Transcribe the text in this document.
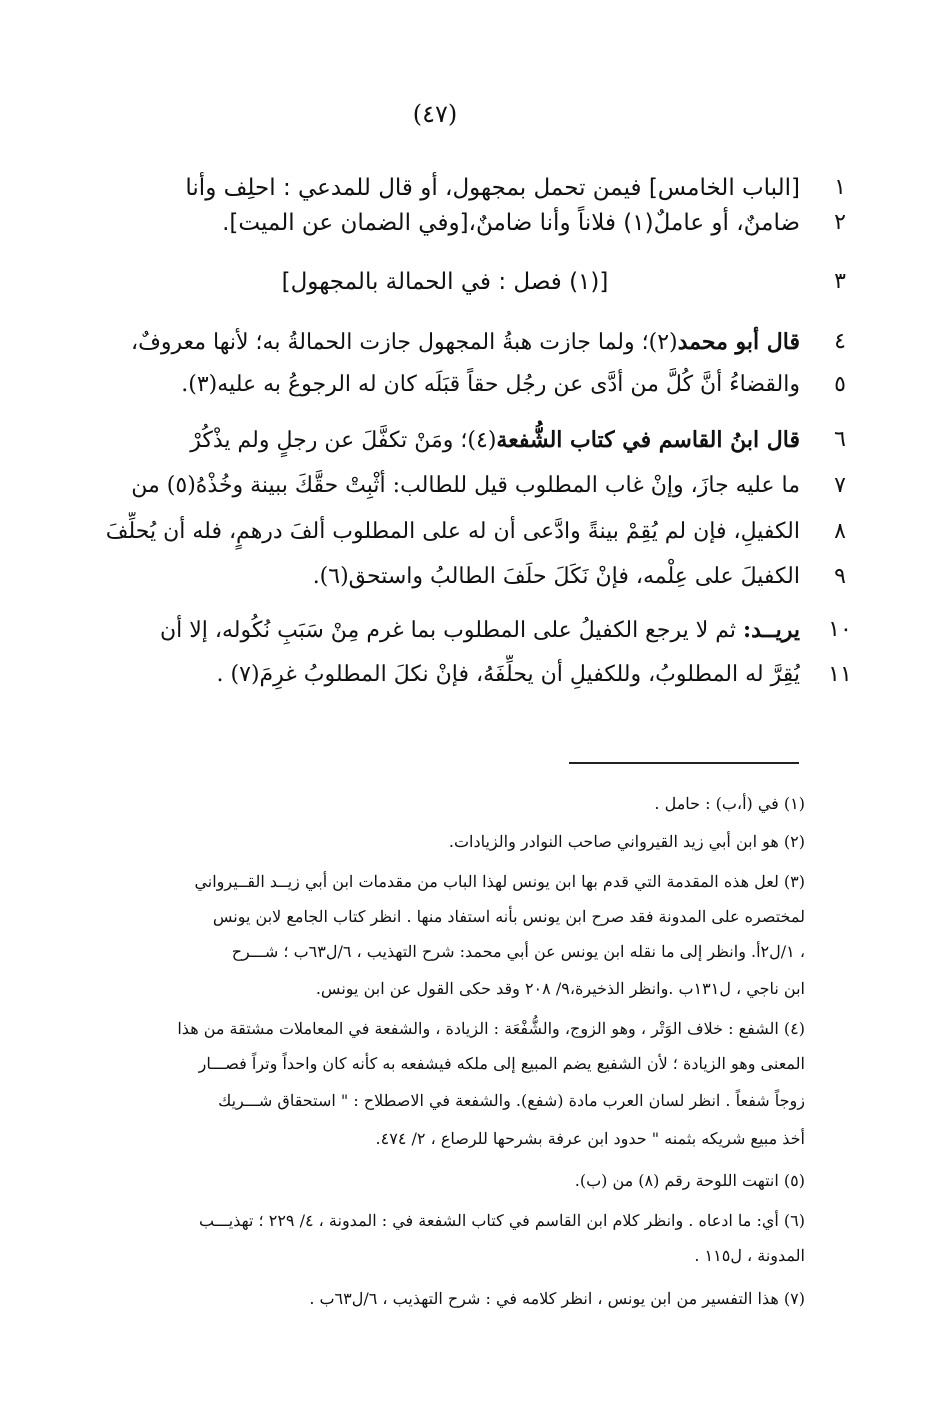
(٤٧)
١
[الباب الخامس] فيمن تحمل بمجهول، أو قال للمدعي : احلِف وأنا
٢
ضامنٌ، أو عاملٌ(١) فلاناً وأنا ضامنٌ،[وفي الضمان عن الميت].
٣
[(١) فصل : في الحمالة بالمجهول]
٤
قال أبو محمد(٢)؛ ولما جازت هبةُ المجهول جازت الحمالةُ به؛ لأنها معروفٌ،
٥
والقضاءُ أنَّ كُلَّ من أدَّى عن رجُل حقاً قبَلَه كان له الرجوعُ به عليه(٣).
٦
قال ابنُ القاسم في كتاب الشُّفعة(٤)؛ ومَنْ تكفَّلَ عن رجلٍ ولم يذْكُرْ
٧
ما عليه جازَ، وإنْ غاب المطلوب قيل للطالب: أثْبِتْ حقَّكَ ببينة وخُذْهُ(٥) من
٨
الكفيلِ، فإن لم يُقِمْ بينةً وادَّعى أن له على المطلوب ألفَ درهمٍ، فله أن يُحلِّفَ
٩
الكفيلَ على عِلْمه، فإنْ نَكَلَ حلَفَ الطالبُ واستحق(٦).
١٠
يريــد: ثم لا يرجع الكفيلُ على المطلوب بما غرم مِنْ سَبَبِ نُكُوله، إلا أن
١١
يُقِرَّ له المطلوبُ، وللكفيلِ أن يحلِّفَهُ، فإنْ نكلَ المطلوبُ غرِمَ(٧) .
(١) في (أ،ب) : حامل .
(٢) هو ابن أبي زيد القيرواني صاحب النوادر والزيادات.
(٣) لعل هذه المقدمة التي قدم بها ابن يونس لهذا الباب من مقدمات ابن أبي زيــد القــيرواني
لمختصره على المدونة فقد صرح ابن يونس بأنه استفاد منها . انظر كتاب الجامع لابن يونس
، ١/ل٢أ. وانظر إلى ما نقله ابن يونس عن أبي محمد: شرح التهذيب ، ٦/ل٦٣ب ؛ شـــرح
ابن ناجي ، ل١٣١ب .وانظر الذخيرة،٩/ ٢٠٨ وقد حكى القول عن ابن يونس.
(٤) الشفع : خلاف الوَتْر ، وهو الزوج، والشُّفْعَة : الزيادة ، والشفعة في المعاملات مشتقة من هذا
المعنى وهو الزيادة ؛ لأن الشفيع يضم المبيع إلى ملكه فيشفعه به كأنه كان واحداً وتراً فصـــار
زوجاً شفعاً . انظر لسان العرب مادة (شفع). والشفعة في الاصطلاح : " استحقاق شـــريك
أخذ مبيع شريكه بثمنه " حدود ابن عرفة بشرحها للرصاع ، ٢/ ٤٧٤.
(٥) انتهت اللوحة رقم (٨) من (ب).
(٦) أي: ما ادعاه . وانظر كلام ابن القاسم في كتاب الشفعة في : المدونة ، ٤/ ٢٢٩ ؛ تهذيـــب
المدونة ، ل١١٥ .
(٧) هذا التفسير من ابن يونس ، انظر كلامه في : شرح التهذيب ، ٦/ل٦٣ب .
